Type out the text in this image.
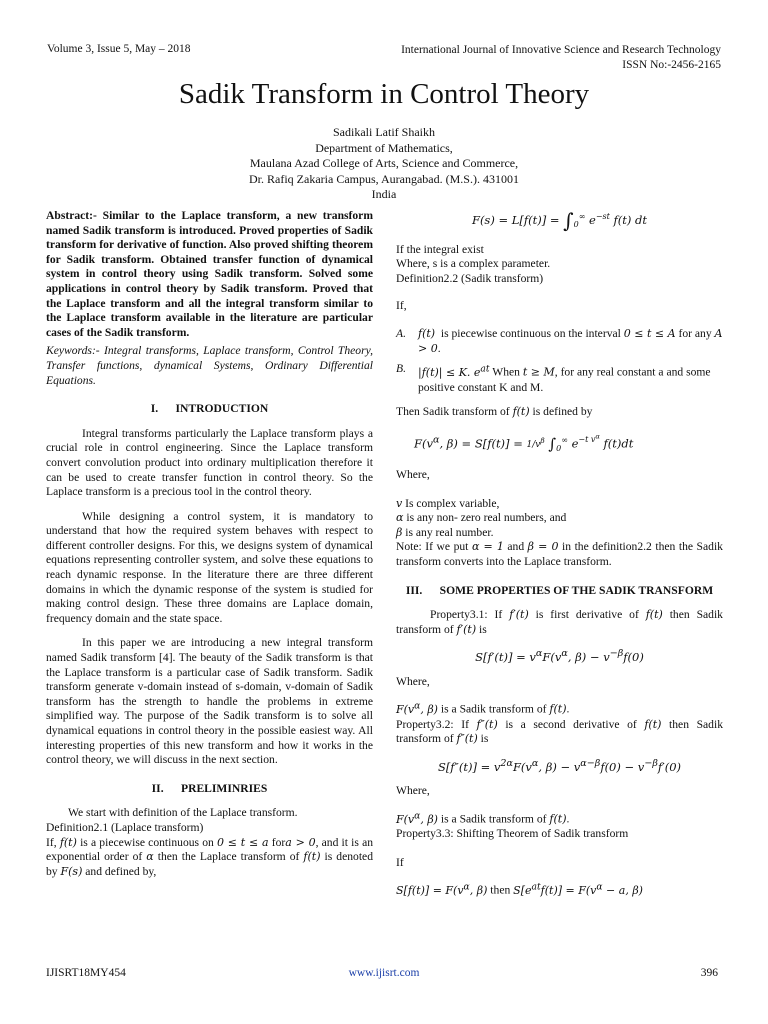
Volume 3, Issue 5, May – 2018	International Journal of Innovative Science and Research Technology
ISSN No:-2456-2165
Sadik Transform in Control Theory
Sadikali Latif Shaikh
Department of Mathematics,
Maulana Azad College of Arts, Science and Commerce,
Dr. Rafiq Zakaria Campus, Aurangabad. (M.S.). 431001
India
Abstract:- Similar to the Laplace transform, a new transform named Sadik transform is introduced. Proved properties of Sadik transform for derivative of function. Also proved shifting theorem for Sadik transform. Obtained transfer function of dynamical system in control theory using Sadik transform. Solved some applications in control theory by Sadik transform. Proved that the Laplace transform and all the integral transform similar to the Laplace transform available in the literature are particular cases of the Sadik transform.
Keywords:- Integral transforms, Laplace transform, Control Theory, Transfer functions, dynamical Systems, Ordinary Differential Equations.
I.      INTRODUCTION

Integral transforms particularly the Laplace transform plays a crucial role in control engineering. Since the Laplace transform convert convolution product into ordinary multiplication therefore it can be used to create transfer function in control theory. So the Laplace transform is a precious tool in the control theory.

While designing a control system, it is mandatory to understand that how the required system behaves with respect to different controller designs. For this, we designs system of dynamical equations representing controller system, and solve these equations to reach dynamic response. In the literature there are three different domains in which the dynamic response of the system is studied for making control design. These three domains are Laplace domain, frequency domain and the state space.

In this paper we are introducing a new integral transform named Sadik transform [4]. The beauty of the Sadik transform is that the Laplace transform is a particular case of Sadik transform. Sadik transform generate v-domain instead of s-domain, v-domain of Sadik transform has the strength to handle the problems in extreme simplified way. The purpose of the Sadik transform is to solve all dynamical equations in control theory in the possible easiest way. All interesting properties of this new transform and how it works in the control theory, we will discuss in the next section.

II.      PRELIMINRIES
We start with definition of the Laplace transform.
Definition2.1 (Laplace transform)
If, f(t) is a piecewise continuous on 0 ≤ t ≤ a fora > 0, and it is an exponential order of α then the Laplace transform of f(t) is denoted by F(s) and defined by,
$F(s) = L[f(t)] = \int_0^\infty$ $e^{-st}$ f(t) dt
If the integral exist
Where, s is a complex parameter.
Definition2.2 (Sadik transform)
If,
A.	f(t) is piecewise continuous on the interval 0 ≤ t ≤ A for any A > 0.
B.	|f(t)| ≤ K. $e^{at}$ When t ≥ M, for any real constant a and some positive constant K and M.
Then Sadik transform of f(t) is defined by
$F(v^\alpha$, $\beta) = S[f(t)] = 1/v^\beta$ $\int_0^\infty$ $e^{-t v^\alpha}$ f(t)dt
Where,
v Is complex variable,
α is any non- zero real numbers, and
β is any real number.
Note: If we put α = 1 and β = 0 in the definition2.2 then the Sadik transform converts into the Laplace transform.
III.      SOME PROPERTIES OF THE SADIK TRANSFORM
Property3.1: If f′(t) is first derivative of f(t) then Sadik transform of f′(t) is
$S[f'(t)] = v^\alpha F(v^\alpha$, $\beta) - v^{-\beta}f(0)$
Where,
$F(v^\alpha$, β) is a Sadik transform of f(t).
Property3.2: If f″(t) is a second derivative of f(t) then Sadik transform of f″(t) is
$S[f''(t)] = v^{2\alpha}F(v^\alpha$, $\beta) - v^{\alpha-\beta}f(0) - v^{-\beta}f'(0)$
Where,
$F(v^\alpha$, β) is a Sadik transform of f(t).
Property3.3: Shifting Theorem of Sadik transform
If
$S[f(t)] = F(v^\alpha$, β) then $S[e^{at}f(t)] = F(v^\alpha - a$, β)
IJISRT18MY454	www.ijisrt.com	396
